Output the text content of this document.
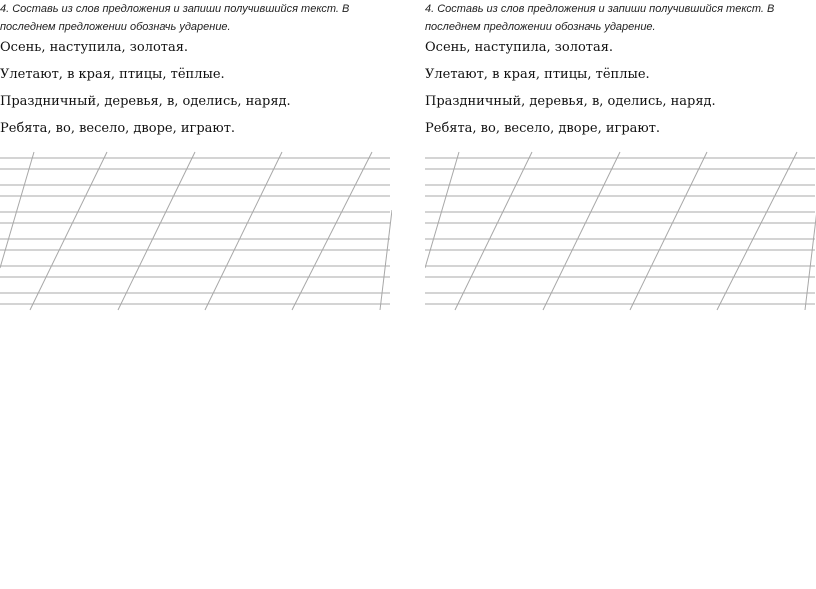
4. Составь из слов предложения и запиши получившийся текст. В последнем предложении обозначь ударение.

Осень, наступила, золотая.

Улетают, в края, птицы, тёплые.

Праздничный, деревья, в, оделись, наряд.

Ребята, во, весело, дворе, играют.

4. Составь из слов предложения и запиши получившийся текст. В последнем предложении обозначь ударение.

Осень, наступила, золотая.

Улетают, в края, птицы, тёплые.

Праздничный, деревья, в, оделись, наряд.

Ребята, во, весело, дворе, играют.
